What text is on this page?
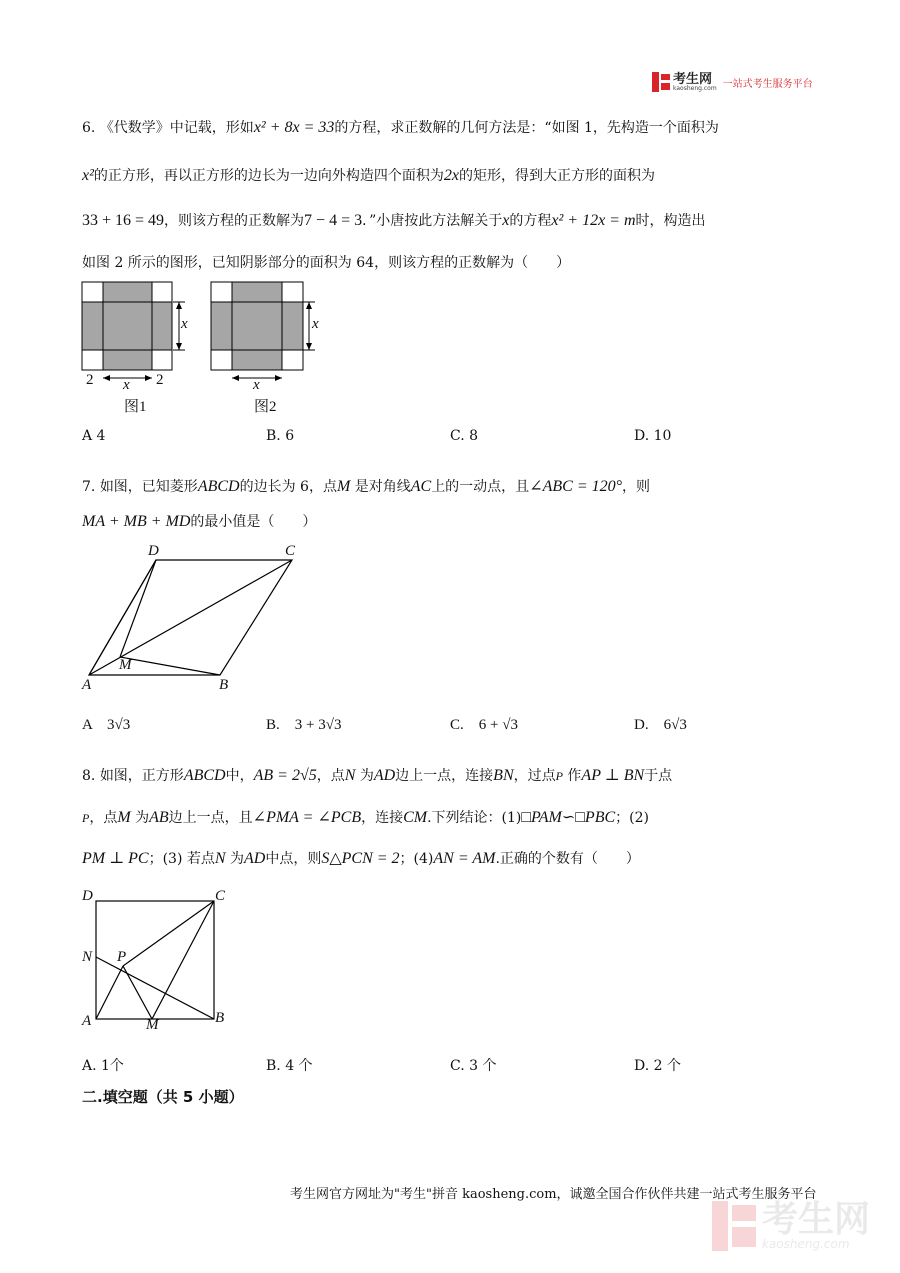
考生网
kaosheng.com 一站式考生服务平台
6. 《代数学》中记载，形如x² + 8x = 33的方程，求正数解的几何方法是：“如图 1，先构造一个面积为
x²的正方形，再以正方形的边长为一边向外构造四个面积为2x的矩形，得到大正方形的面积为
33 + 16 = 49，则该方程的正数解为7 − 4 = 3．”小唐按此方法解关于x的方程x² + 12x = m时，构造出
如图 2 所示的图形，已知阴影部分的面积为 64，则该方程的正数解为（　　）
x	x
2 x 2	x
图1	图2
A 4	B. 6	C. 8	D. 10
7. 如图，已知菱形ABCD的边长为 6，点M 是对角线AC上的一动点，且∠ABC = 120°，则
MA + MB + MD的最小值是（　　）
D	C
M
A	B
A　3√3	B.　3 + 3√3	C.　6 + √3	D.　6√3
8. 如图，正方形ABCD中，AB = 2√5，点N 为AD边上一点，连接BN，过点P 作AP ⊥ BN于点
P，点M 为AB边上一点，且∠PMA = ∠PCB，连接CM.下列结论：(1)□PAM∽□PBC；(2)
PM ⊥ PC；(3) 若点N 为AD中点，则S△PCN = 2；(4)AN = AM.正确的个数有（　　）
D	C
N P
A	M	B
A. 1个	B. 4 个	C. 3 个	D. 2 个
二.填空题（共 5 小题）
考生网官方网址为"考生"拼音 kaosheng.com，诚邀全国合作伙伴共建一站式考生服务平台
考生网
kaosheng.com
